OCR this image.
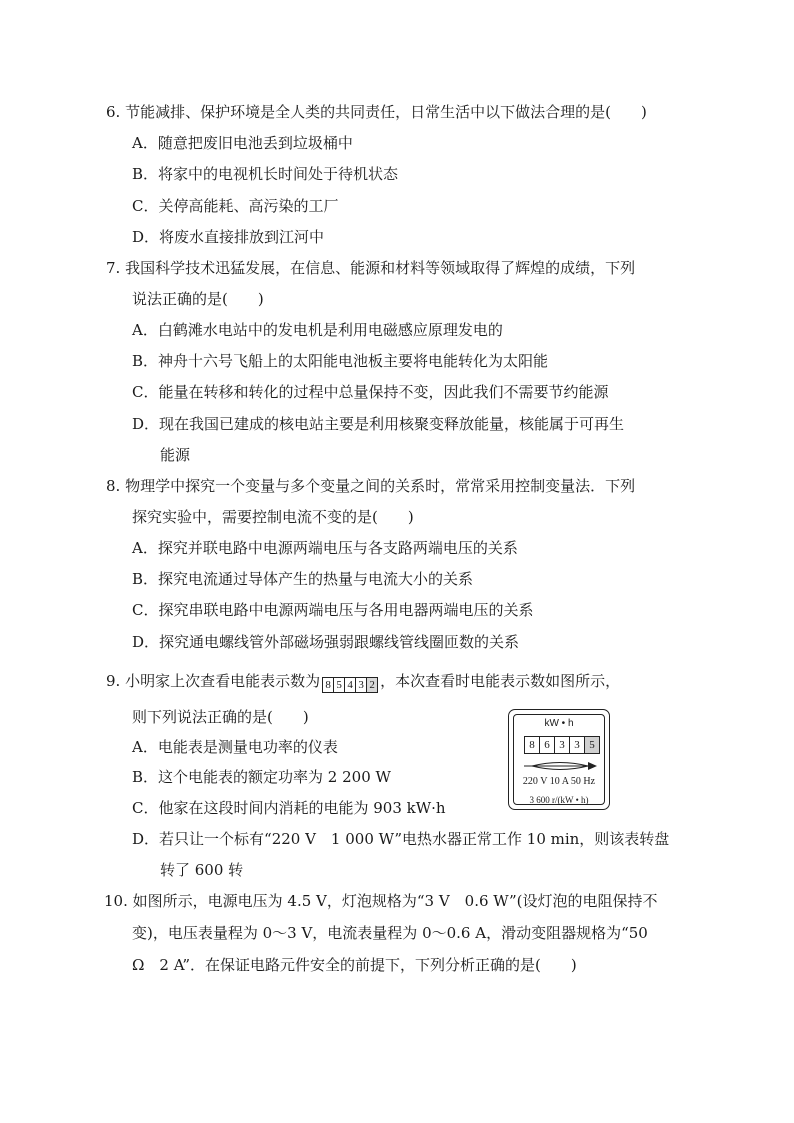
6. 节能减排、保护环境是全人类的共同责任，日常生活中以下做法合理的是(　　)
A．随意把废旧电池丢到垃圾桶中
B．将家中的电视机长时间处于待机状态
C．关停高能耗、高污染的工厂
D．将废水直接排放到江河中
7. 我国科学技术迅猛发展，在信息、能源和材料等领域取得了辉煌的成绩，下列
说法正确的是(　　)
A．白鹤滩水电站中的发电机是利用电磁感应原理发电的
B．神舟十六号飞船上的太阳能电池板主要将电能转化为太阳能
C．能量在转移和转化的过程中总量保持不变，因此我们不需要节约能源
D．现在我国已建成的核电站主要是利用核聚变释放能量，核能属于可再生
能源
8. 物理学中探究一个变量与多个变量之间的关系时，常常采用控制变量法．下列
探究实验中，需要控制电流不变的是(　　)
A．探究并联电路中电源两端电压与各支路两端电压的关系
B．探究电流通过导体产生的热量与电流大小的关系
C．探究串联电路中电源两端电压与各用电器两端电压的关系
D．探究通电螺线管外部磁场强弱跟螺线管线圈匝数的关系
9. 小明家上次查看电能表示数为 8 5 4 3 2 ，本次查看时电能表示数如图所示，
则下列说法正确的是(　　)
A．电能表是测量电功率的仪表
B．这个电能表的额定功率为 2 200 W
C．他家在这段时间内消耗的电能为 903 kW·h
D．若只让一个标有“220 V　1 000 W”电热水器正常工作 10 min，则该表转盘
转了 600 转
kW • h
8 6 3 3 5
220 V 10 A 50 Hz
3 600 r/(kW • h)
10. 如图所示，电源电压为 4.5 V，灯泡规格为“3 V　0.6 W”(设灯泡的电阻保持不
变)，电压表量程为 0～3 V，电流表量程为 0～0.6 A，滑动变阻器规格为“50
Ω　2 A”．在保证电路元件安全的前提下，下列分析正确的是(　　)
